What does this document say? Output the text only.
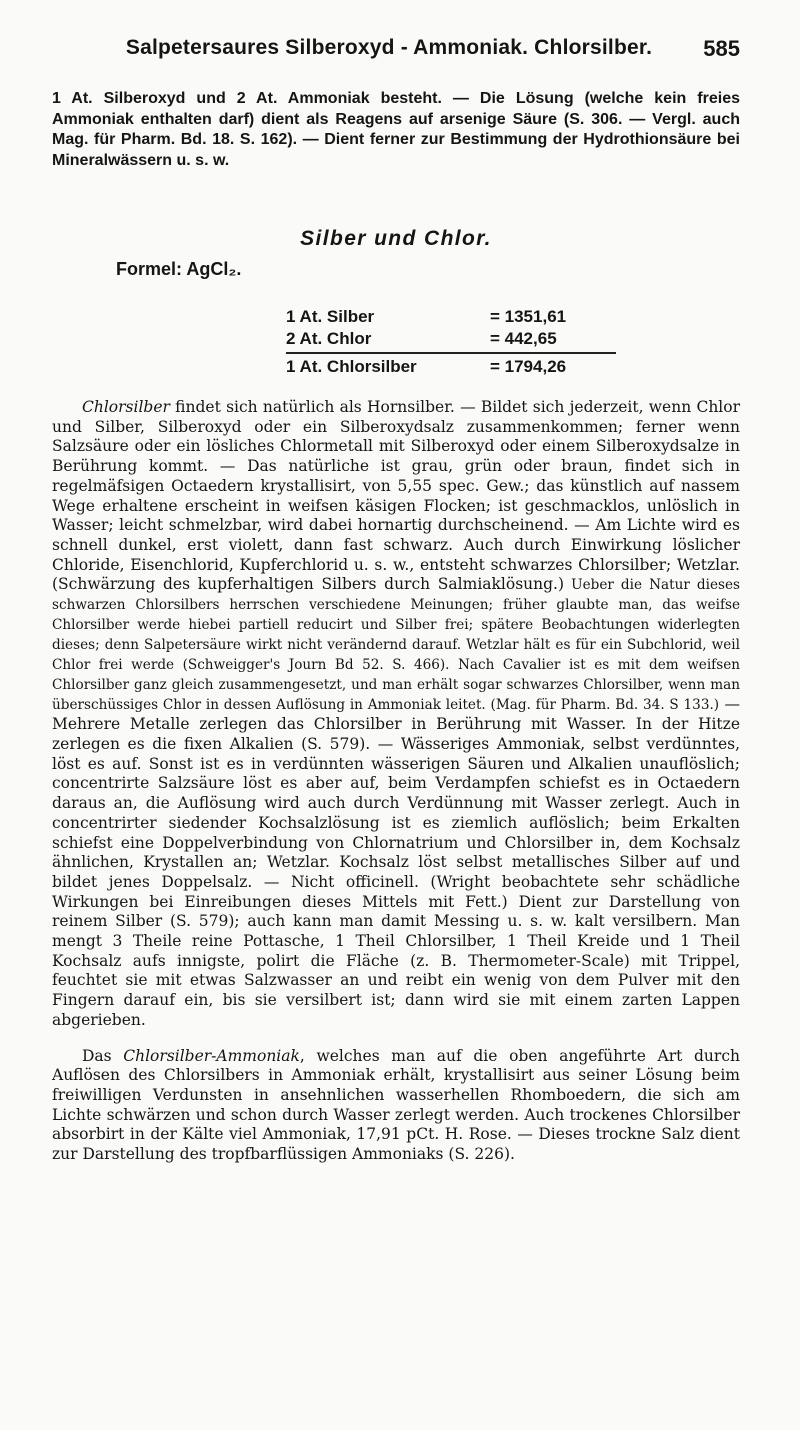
Salpetersaures Silberoxyd - Ammoniak. Chlorsilber.	585

1 At. Silberoxyd und 2 At. Ammoniak besteht. — Die Lösung (welche kein freies Ammoniak enthalten darf) dient als Reagens auf arsenige Säure (S. 306. — Vergl. auch Mag. für Pharm. Bd. 18. S. 162). — Dient ferner zur Bestimmung der Hydrothionsäure bei Mineralwässern u. s. w.

Silber und Chlor.
Formel: AgCl₂.
1 At. Silber	= 1351,61
2 At. Chlor	= 442,65
1 At. Chlorsilber	= 1794,26

Chlorsilber findet sich natürlich als Hornsilber. — Bildet sich jederzeit, wenn Chlor und Silber, Silberoxyd oder ein Silberoxydsalz zusammenkommen; ferner wenn Salzsäure oder ein lösliches Chlormetall mit Silberoxyd oder einem Silberoxydsalze in Berührung kommt. — Das natürliche ist grau, grün oder braun, findet sich in regelmäfsigen Octaedern krystallisirt, von 5,55 spec. Gew.; das künstlich auf nassem Wege erhaltene erscheint in weifsen käsigen Flocken; ist geschmacklos, unlöslich in Wasser; leicht schmelzbar, wird dabei hornartig durchscheinend. — Am Lichte wird es schnell dunkel, erst violett, dann fast schwarz. Auch durch Einwirkung löslicher Chloride, Eisenchlorid, Kupferchlorid u. s. w., entsteht schwarzes Chlorsilber; Wetzlar. (Schwärzung des kupferhaltigen Silbers durch Salmiaklösung.) Ueber die Natur dieses schwarzen Chlorsilbers herrschen verschiedene Meinungen; früher glaubte man, das weifse Chlorsilber werde hiebei partiell reducirt und Silber frei; spätere Beobachtungen widerlegten dieses; denn Salpetersäure wirkt nicht verändernd darauf. Wetzlar hält es für ein Subchlorid, weil Chlor frei werde (Schweigger's Journ Bd 52. S. 466). Nach Cavalier ist es mit dem weifsen Chlorsilber ganz gleich zusammengesetzt, und man erhält sogar schwarzes Chlorsilber, wenn man überschüssiges Chlor in dessen Auflösung in Ammoniak leitet. (Mag. für Pharm. Bd. 34. S 133.) — Mehrere Metalle zerlegen das Chlorsilber in Berührung mit Wasser. In der Hitze zerlegen es die fixen Alkalien (S. 579). — Wässeriges Ammoniak, selbst verdünntes, löst es auf. Sonst ist es in verdünnten wässerigen Säuren und Alkalien unauflöslich; concentrirte Salzsäure löst es aber auf, beim Verdampfen schiefst es in Octaedern daraus an, die Auflösung wird auch durch Verdünnung mit Wasser zerlegt. Auch in concentrirter siedender Kochsalzlösung ist es ziemlich auflöslich; beim Erkalten schiefst eine Doppelverbindung von Chlornatrium und Chlorsilber in, dem Kochsalz ähnlichen, Krystallen an; Wetzlar. Kochsalz löst selbst metallisches Silber auf und bildet jenes Doppelsalz. — Nicht officinell. (Wright beobachtete sehr schädliche Wirkungen bei Einreibungen dieses Mittels mit Fett.) Dient zur Darstellung von reinem Silber (S. 579); auch kann man damit Messing u. s. w. kalt versilbern. Man mengt 3 Theile reine Pottasche, 1 Theil Chlorsilber, 1 Theil Kreide und 1 Theil Kochsalz aufs innigste, polirt die Fläche (z. B. Thermometer-Scale) mit Trippel, feuchtet sie mit etwas Salzwasser an und reibt ein wenig von dem Pulver mit den Fingern darauf ein, bis sie versilbert ist; dann wird sie mit einem zarten Lappen abgerieben.

Das Chlorsilber-Ammoniak, welches man auf die oben angeführte Art durch Auflösen des Chlorsilbers in Ammoniak erhält, krystallisirt aus seiner Lösung beim freiwilligen Verdunsten in ansehnlichen wasserhellen Rhomboedern, die sich am Lichte schwärzen und schon durch Wasser zerlegt werden. Auch trockenes Chlorsilber absorbirt in der Kälte viel Ammoniak, 17,91 pCt. H. Rose. — Dieses trockne Salz dient zur Darstellung des tropfbarflüssigen Ammoniaks (S. 226).
